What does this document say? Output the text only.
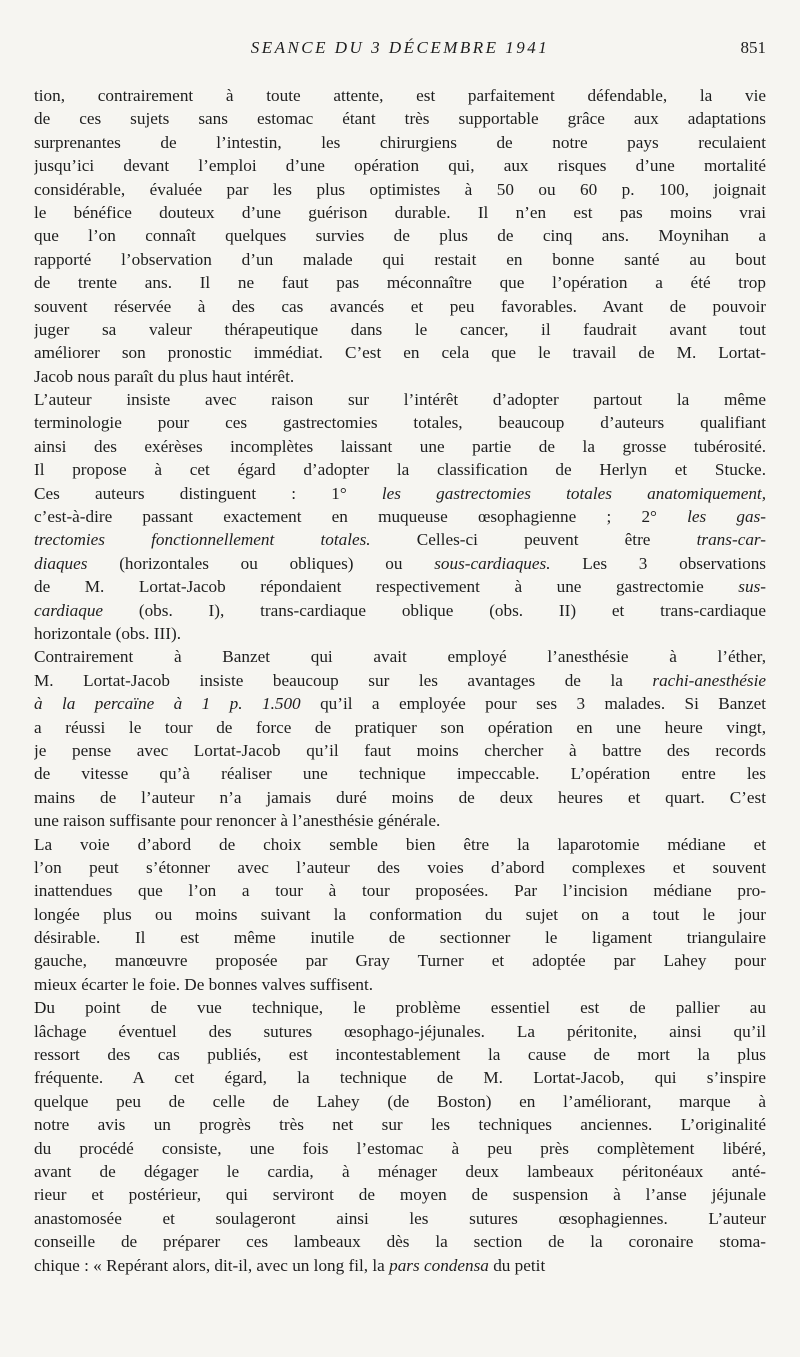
SEANCE DU 3 DÉCEMBRE 1941	851
tion, contrairement à toute attente, est parfaitement défendable, la vie
de ces sujets sans estomac étant très supportable grâce aux adaptations
surprenantes de l’intestin, les chirurgiens de notre pays reculaient
jusqu’ici devant l’emploi d’une opération qui, aux risques d’une mortalité
considérable, évaluée par les plus optimistes à 50 ou 60 p. 100, joignait
le bénéfice douteux d’une guérison durable. Il n’en est pas moins vrai
que l’on connaît quelques survies de plus de cinq ans. Moynihan a
rapporté l’observation d’un malade qui restait en bonne santé au bout
de trente ans. Il ne faut pas méconnaître que l’opération a été trop
souvent réservée à des cas avancés et peu favorables. Avant de pouvoir
juger sa valeur thérapeutique dans le cancer, il faudrait avant tout
améliorer son pronostic immédiat. C’est en cela que le travail de M. Lortat-
Jacob nous paraît du plus haut intérêt.
L’auteur insiste avec raison sur l’intérêt d’adopter partout la même
terminologie pour ces gastrectomies totales, beaucoup d’auteurs qualifiant
ainsi des exérèses incomplètes laissant une partie de la grosse tubérosité.
Il propose à cet égard d’adopter la classification de Herlyn et Stucke.
Ces auteurs distinguent : 1° les gastrectomies totales anatomiquement,
c’est-à-dire passant exactement en muqueuse œsophagienne ; 2° les gas-
trectomies fonctionnellement totales. Celles-ci peuvent être trans-car-
diaques (horizontales ou obliques) ou sous-cardiaques. Les 3 observations
de M. Lortat-Jacob répondaient respectivement à une gastrectomie sus-
cardiaque (obs. I), trans-cardiaque oblique (obs. II) et trans-cardiaque
horizontale (obs. III).
Contrairement à Banzet qui avait employé l’anesthésie à l’éther,
M. Lortat-Jacob insiste beaucoup sur les avantages de la rachi-anesthésie
à la percaïne à 1 p. 1.500 qu’il a employée pour ses 3 malades. Si Banzet
a réussi le tour de force de pratiquer son opération en une heure vingt,
je pense avec Lortat-Jacob qu’il faut moins chercher à battre des records
de vitesse qu’à réaliser une technique impeccable. L’opération entre les
mains de l’auteur n’a jamais duré moins de deux heures et quart. C’est
une raison suffisante pour renoncer à l’anesthésie générale.
La voie d’abord de choix semble bien être la laparotomie médiane et
l’on peut s’étonner avec l’auteur des voies d’abord complexes et souvent
inattendues que l’on a tour à tour proposées. Par l’incision médiane pro-
longée plus ou moins suivant la conformation du sujet on a tout le jour
désirable. Il est même inutile de sectionner le ligament triangulaire
gauche, manœuvre proposée par Gray Turner et adoptée par Lahey pour
mieux écarter le foie. De bonnes valves suffisent.
Du point de vue technique, le problème essentiel est de pallier au
lâchage éventuel des sutures œsophago-jéjunales. La péritonite, ainsi qu’il
ressort des cas publiés, est incontestablement la cause de mort la plus
fréquente. A cet égard, la technique de M. Lortat-Jacob, qui s’inspire
quelque peu de celle de Lahey (de Boston) en l’améliorant, marque à
notre avis un progrès très net sur les techniques anciennes. L’originalité
du procédé consiste, une fois l’estomac à peu près complètement libéré,
avant de dégager le cardia, à ménager deux lambeaux péritonéaux anté-
rieur et postérieur, qui serviront de moyen de suspension à l’anse jéjunale
anastomosée et soulageront ainsi les sutures œsophagiennes. L’auteur
conseille de préparer ces lambeaux dès la section de la coronaire stoma-
chique : « Repérant alors, dit-il, avec un long fil, la pars condensa du petit
